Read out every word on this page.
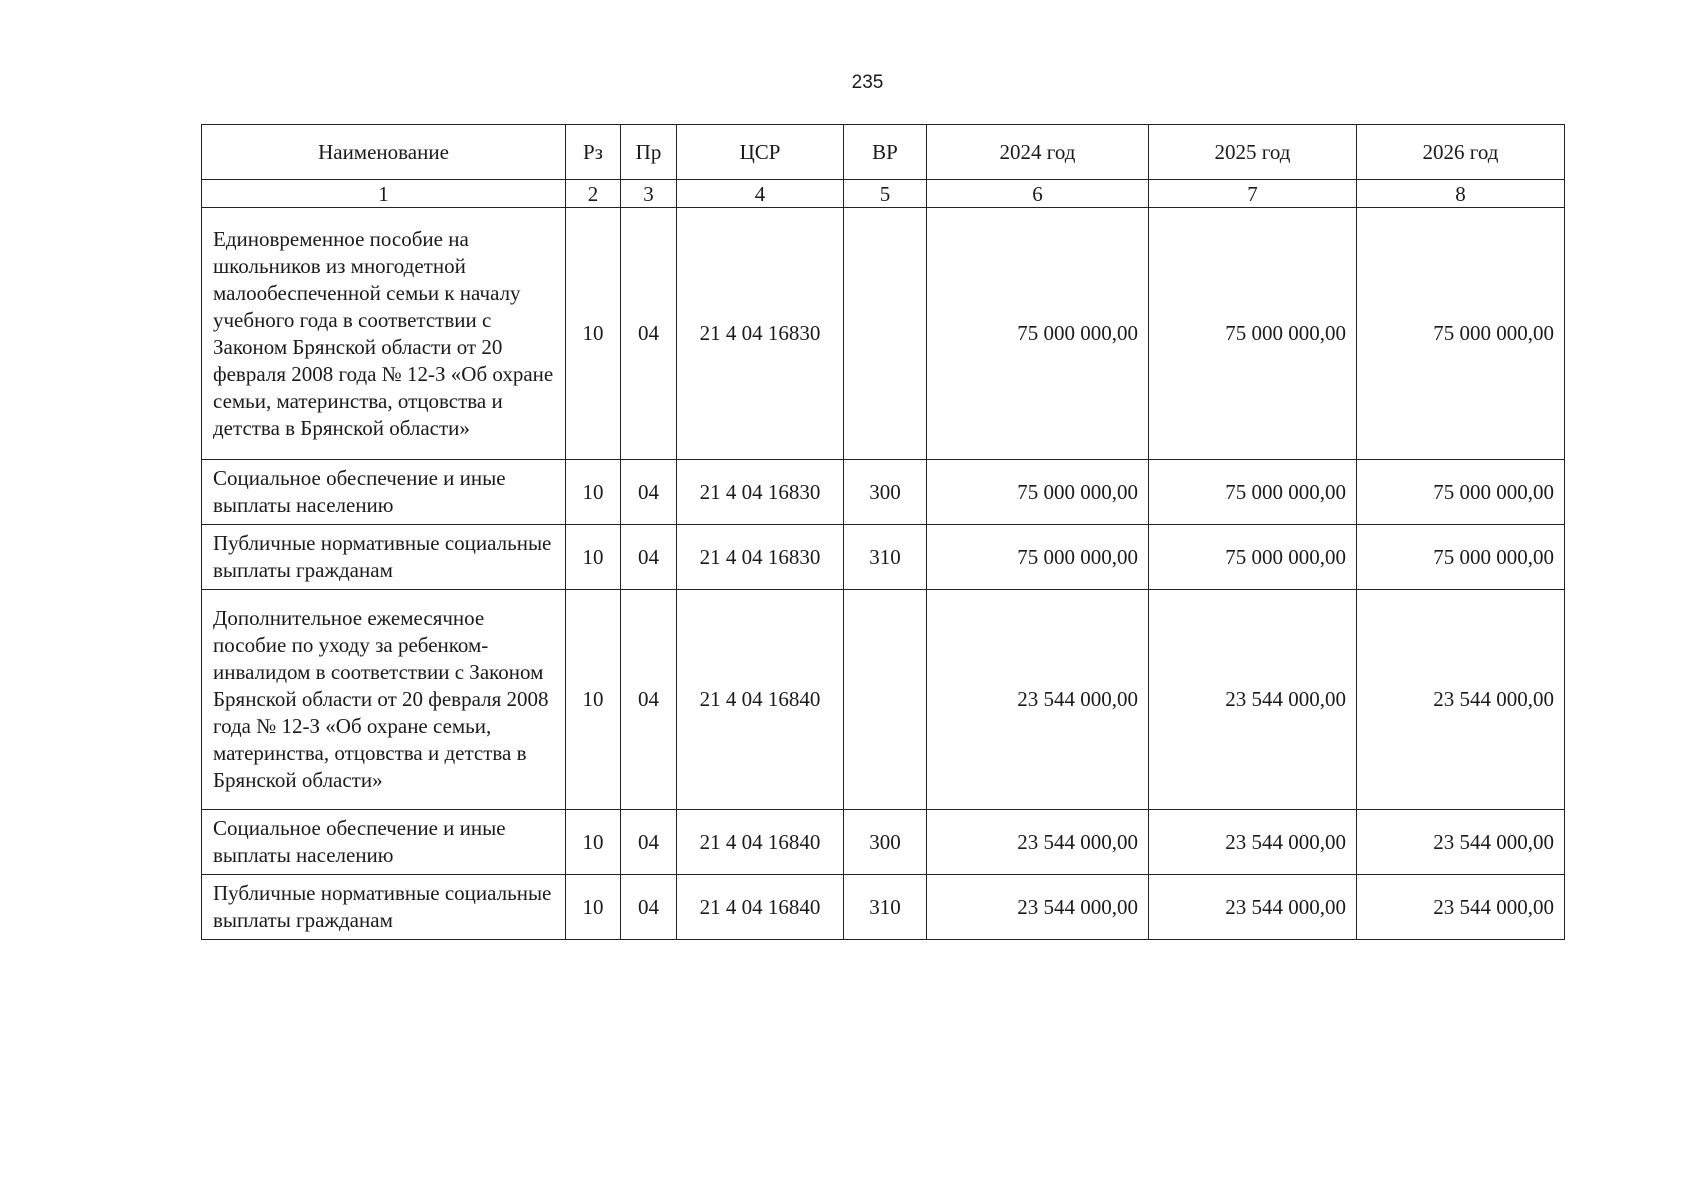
235
Наименование	Рз	Пр	ЦСР	ВР	2024 год	2025 год	2026 год
1	2	3	4	5	6	7	8
Единовременное пособие на школьников из многодетной малообеспеченной семьи к началу учебного года в соответствии с Законом Брянской области от 20 февраля 2008 года № 12-З «Об охране семьи, материнства, отцовства и детства в Брянской области»	10	04	21 4 04 16830		75 000 000,00	75 000 000,00	75 000 000,00
Социальное обеспечение и иные выплаты населению	10	04	21 4 04 16830	300	75 000 000,00	75 000 000,00	75 000 000,00
Публичные нормативные социальные выплаты гражданам	10	04	21 4 04 16830	310	75 000 000,00	75 000 000,00	75 000 000,00
Дополнительное ежемесячное пособие по уходу за ребенком-инвалидом в соответствии с Законом Брянской области от 20 февраля 2008 года № 12-З «Об охране семьи, материнства, отцовства и детства в Брянской области»	10	04	21 4 04 16840		23 544 000,00	23 544 000,00	23 544 000,00
Социальное обеспечение и иные выплаты населению	10	04	21 4 04 16840	300	23 544 000,00	23 544 000,00	23 544 000,00
Публичные нормативные социальные выплаты гражданам	10	04	21 4 04 16840	310	23 544 000,00	23 544 000,00	23 544 000,00
